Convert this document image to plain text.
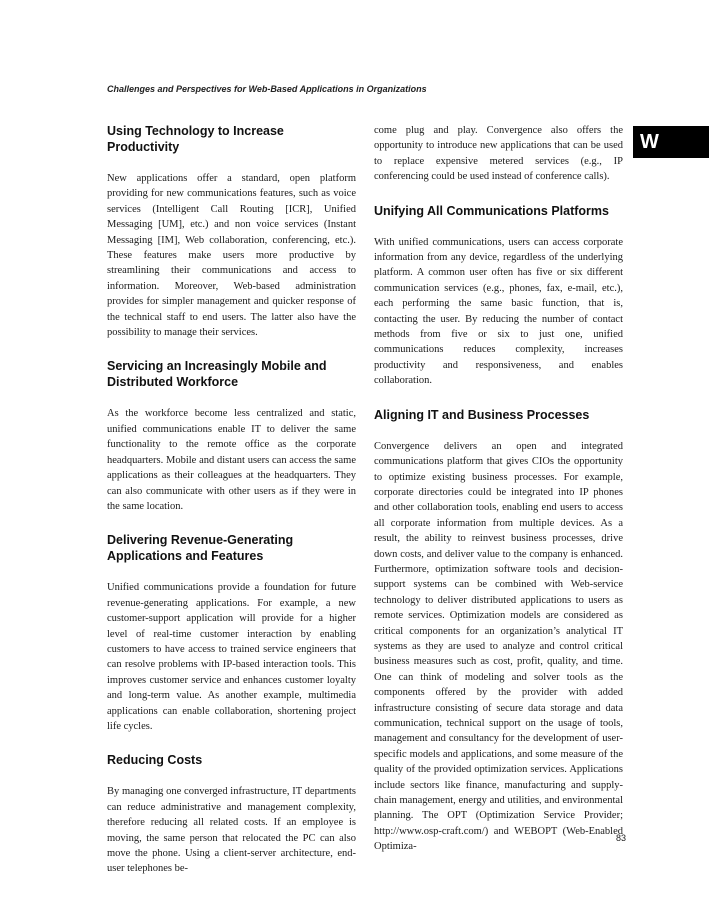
Challenges and Perspectives for Web-Based Applications in Organizations
W
Using Technology to Increase Productivity

New applications offer a standard, open platform providing for new communications features, such as voice services (Intelligent Call Routing [ICR], Unified Messaging [UM], etc.) and non voice services (Instant Messaging [IM], Web collaboration, conferencing, etc.). These features make users more productive by streamlining their communications and access to information. Moreover, Web-based administration provides for simpler management and quicker response of the technical staff to end users. The latter also have the possibility to manage their services.

Servicing an Increasingly Mobile and Distributed Workforce

As the workforce become less centralized and static, unified communications enable IT to deliver the same functionality to the remote office as the corporate headquarters. Mobile and distant users can access the same applications as their colleagues at the headquarters. They can also communicate with other users as if they were in the same location.

Delivering Revenue-Generating Applications and Features

Unified communications provide a foundation for future revenue-generating applications. For example, a new customer-support application will provide for a higher level of real-time customer interaction by enabling customers to have access to trained service engineers that can resolve problems with IP-based interaction tools. This improves customer service and enhances customer loyalty and long-term value. As another example, multimedia applications can enable collaboration, shortening project life cycles.

Reducing Costs

By managing one converged infrastructure, IT departments can reduce administrative and management complexity, therefore reducing all related costs. If an employee is moving, the same person that relocated the PC can also move the phone. Using a client-server architecture, end-user telephones be-

come plug and play. Convergence also offers the opportunity to introduce new applications that can be used to replace expensive metered services (e.g., IP conferencing could be used instead of conference calls).

Unifying All Communications Platforms

With unified communications, users can access corporate information from any device, regardless of the underlying platform. A common user often has five or six different communication services (e.g., phones, fax, e-mail, etc.), each performing the same basic function, that is, contacting the user. By reducing the number of contact methods from five or six to just one, unified communications reduces complexity, increases productivity and responsiveness, and enables collaboration.

Aligning IT and Business Processes

Convergence delivers an open and integrated communications platform that gives CIOs the opportunity to optimize existing business processes. For example, corporate directories could be integrated into IP phones and other collaboration tools, enabling end users to access all corporate information from multiple devices. As a result, the ability to reinvest business processes, drive down costs, and deliver value to the company is enhanced. Furthermore, optimization software tools and decision-support systems can be combined with Web-service technology to deliver distributed applications to users as remote services. Optimization models are considered as critical components for an organization’s analytical IT systems as they are used to analyze and control critical business measures such as cost, profit, quality, and time. One can think of modeling and solver tools as the components offered by the provider with added infrastructure consisting of secure data storage and data communication, technical support on the usage of tools, management and consultancy for the development of user-specific models and applications, and some measure of the quality of the provided optimization services. Applications include sectors like finance, manufacturing and supply-chain management, energy and utilities, and environmental planning. The OPT (Optimization Service Provider; http://www.osp-craft.com/) and WEBOPT (Web-Enabled Optimiza-

83
